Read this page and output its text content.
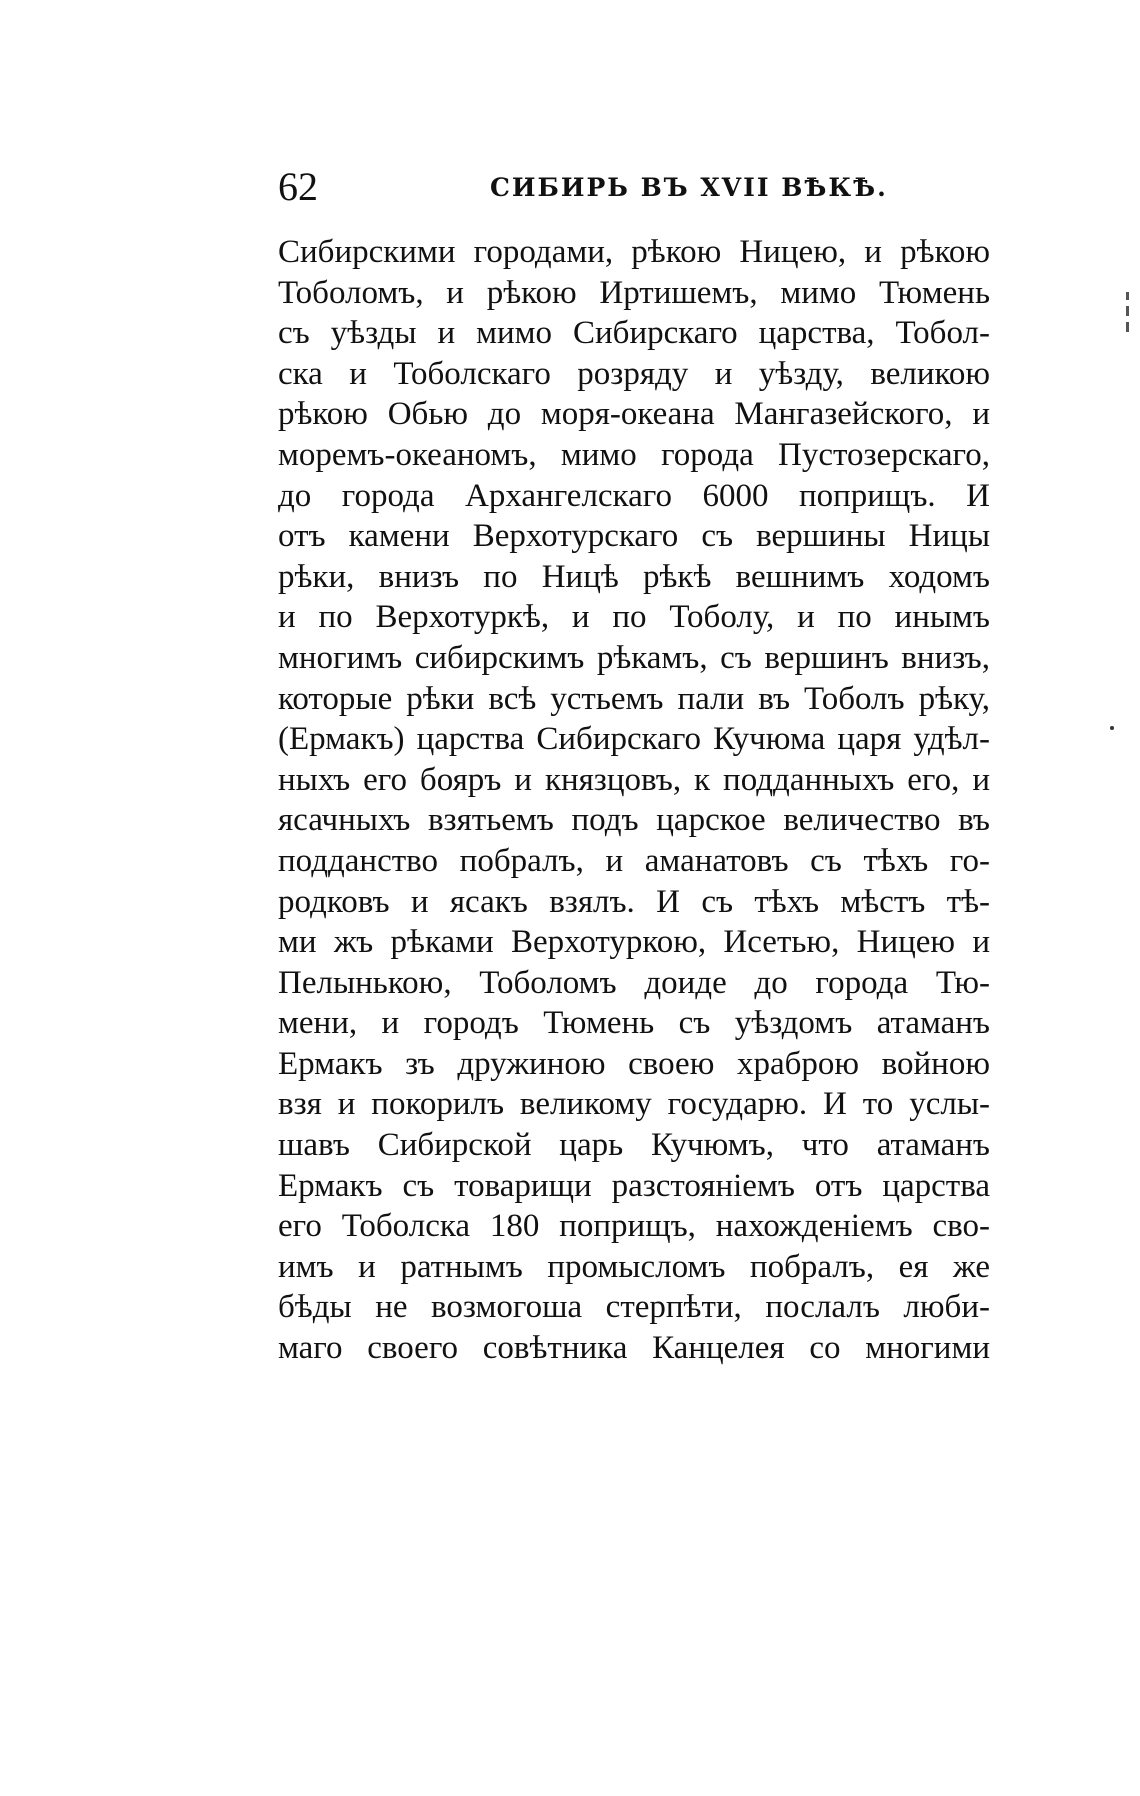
62	СИБИРЬ ВЪ XVII ВѢКѢ.
Сибирскими городами, рѣкою Ницею, и рѣкою
Тоболомъ, и рѣкою Иртишемъ, мимо Тюмень
съ уѣзды и мимо Сибирскаго царства, Тобол-
ска и Тоболскаго розряду и уѣзду, великою
рѣкою Обью до моря-океана Мангазейского, и
моремъ-океаномъ, мимо города Пустозерскаго,
до города Архангелскаго 6000 поприщъ. И
отъ камени Верхотурскаго съ вершины Ницы
рѣки, внизъ по Ницѣ рѣкѣ вешнимъ ходомъ
и по Верхотуркѣ, и по Тоболу, и по инымъ
многимъ сибирскимъ рѣкамъ, съ вершинъ внизъ,
которые рѣки всѣ устьемъ пали въ Тоболъ рѣку,
(Ермакъ) царства Сибирскаго Кучюма царя удѣл-
ныхъ его бояръ и князцовъ, к подданныхъ его, и
ясачныхъ взятьемъ подъ царское величество въ
подданство побралъ, и аманатовъ съ тѣхъ го-
родковъ и ясакъ взялъ. И съ тѣхъ мѣстъ тѣ-
ми жъ рѣками Верхотуркою, Исетью, Ницею и
Пелынькою, Тоболомъ доиде до города Тю-
мени, и городъ Тюмень съ уѣздомъ атаманъ
Ермакъ зъ дружиною своею храброю войною
взя и покорилъ великому государю. И то услы-
шавъ Сибирской царь Кучюмъ, что атаманъ
Ермакъ съ товарищи разстояніемъ отъ царства
его Тоболска 180 поприщъ, нахожденіемъ сво-
имъ и ратнымъ промысломъ побралъ, ея же
бѣды не возмогоша стерпѣти, послалъ люби-
маго своего совѣтника Канцелея со многими
